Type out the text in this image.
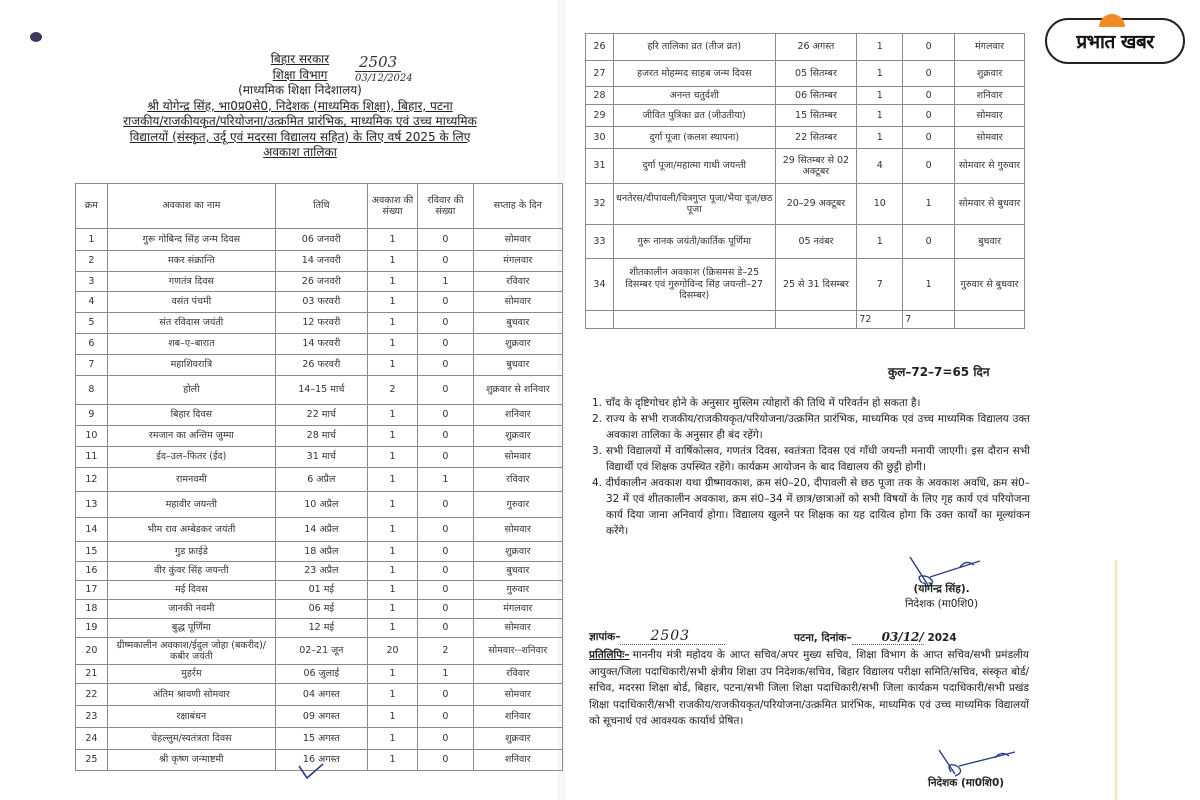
प्रभात खबर
बिहार सरकार
शिक्षा विभाग
(माध्यमिक शिक्षा निदेशालय)
श्री योगेन्द्र सिंह, भा0प्र0से0, निदेशक (माध्यमिक शिक्षा), बिहार, पटना
राजकीय/राजकीयकृत/परियोजना/उत्क्रमित प्रारंभिक, माध्यमिक एवं उच्च माध्यमिक
विद्यालयों (संस्कृत, उर्दू एवं मदरसा विद्यालय सहित) के लिए वर्ष 2025 के लिए
अवकाश तालिका
2503
03/12/2024
क्रम	अवकाश का नाम	तिथि	अवकाश की संख्या	रविवार की संख्या	सप्ताह के दिन
1	गुरू गोबिन्द सिंह जन्म दिवस	06 जनवरी	1	0	सोमवार
2	मकर संक्रान्ति	14 जनवरी	1	0	मंगलवार
3	गणतंत्र दिवस	26 जनवरी	1	1	रविवार
4	वसंत पंचमी	03 फरवरी	1	0	सोमवार
5	संत रविदास जयंती	12 फरवरी	1	0	बुधवार
6	शब–ए–बारात	14 फरवरी	1	0	शुक्रवार
7	महाशिवरात्रि	26 फरवरी	1	0	बुधवार
8	होली	14–15 मार्च	2	0	शुक्रवार से शनिवार
9	बिहार दिवस	22 मार्च	1	0	शनिवार
10	रमजान का अन्तिम जुम्मा	28 मार्च	1	0	शुक्रवार
11	ईद–उल–फितर (ईद)	31 मार्च	1	0	सोमवार
12	रामनवमी	6 अप्रैल	1	1	रविवार
13	महावीर जयन्ती	10 अप्रैल	1	0	गुरुवार
14	भीम राव अम्बेडकर जयंती	14 अप्रैल	1	0	सोमवार
15	गुड फ्राईडे	18 अप्रैल	1	0	शुक्रवार
16	वीर कुंवर सिंह जयन्ती	23 अप्रैल	1	0	बुधवार
17	मई दिवस	01 मई	1	0	गुरुवार
18	जानकी नवमी	06 मई	1	0	मंगलवार
19	बुद्ध पूर्णिमा	12 मई	1	0	सोमवार
20	ग्रीष्मकालीन अवकाश/ईदुल जोहा (बकरीद)/कबीर जयंती	02–21 जून	20	2	सोमवार--शनिवार
21	मुहर्रम	06 जुलाई	1	1	रविवार
22	अंतिम श्रावणी सोमवार	04 अगस्त	1	0	सोमवार
23	रक्षाबंधन	09 अगस्त	1	0	शनिवार
24	चेहल्लुम/स्वतंत्रता दिवस	15 अगस्त	1	0	शुक्रवार
25	श्री कृष्ण जन्माष्टमी	16 अगस्त	1	0	शनिवार
26	हरि तालिका व्रत (तीज व्रत)	26 अगस्त	1	0	मंगलवार
27	हजरत मोहम्मद साहब जन्म दिवस	05 सितम्बर	1	0	शुक्रवार
28	अनन्त चतुर्दशी	06 सितम्बर	1	0	शनिवार
29	जीवित पुत्रिका व्रत (जीउतीया)	15 सितम्बर	1	0	सोमवार
30	दुर्गा पूजा (कलश स्थापना)	22 सितम्बर	1	0	सोमवार
31	दुर्गा पूजा/महात्मा गाधी जयन्ती	29 सितम्बर से 02 अक्टूबर	4	0	सोमवार से गुरुवार
32	धनतेरस/दीपावली/चित्रगुप्त पूजा/भैया दूज/छठ पूजा	20–29 अक्टूबर	10	1	सोमवार से बुधवार
33	गुरू नानक जयंती/कार्तिक पूर्णिमा	05 नवंबर	1	0	बुधवार
34	शीतकालीन अवकाश (क्रिसमस डे–25 दिसम्बर एवं गुरुगोविन्द सिंह जयन्ती–27 दिसम्बर)	25 से 31 दिसम्बर	7	1	गुरुवार से बुधवार
			72	7	
कुल–72–7=65 दिन
1. चाँद के दृष्टिगोचर होने के अनुसार मुस्लिम त्योहारों की तिथि में परिवर्तन हो सकता है।
2. राज्य के सभी राजकीय/राजकीयकृत/परियोजना/उत्क्रमित प्रारंभिक, माध्यमिक एवं उच्च माध्यमिक विद्यालय उक्त अवकाश तालिका के अनुसार ही बंद रहेंगे।
3. सभी विद्यालयों में वार्षिकोत्सव, गणतंत्र दिवस, स्वतंत्रता दिवस एवं गाँधी जयन्ती मनायी जाएगी। इस दौरान सभी विद्यार्थी एवं शिक्षक उपस्थित रहेंगे। कार्यक्रम आयोजन के बाद विद्यालय की छुट्टी होगी।
4. दीर्घकालीन अवकाश यथा ग्रीष्मावकाश, क्रम सं0–20, दीपावली से छठ पूजा तक के अवकाश अवधि, क्रम सं0–32 में एवं शीतकालीन अवकाश, क्रम सं0–34 में छात्र/छात्राओं को सभी विषयों के लिए गृह कार्य एवं परियोजना कार्य दिया जाना अनिवार्य होगा। विद्यालय खुलने पर शिक्षक का यह दायित्व होगा कि उक्त कार्यों का मूल्यांकन करेंगे।
(योगेन्द्र सिंह).
निदेशक (मा0शि0)
ज्ञापांक– 2503	पटना, दिनांक–	03/12/ 2024
प्रतिलिपिः– माननीय मंत्री महोदय के आप्त सचिव/अपर मुख्य सचिव, शिक्षा विभाग के आप्त सचिव/सभी प्रमंडलीय आयुक्त/जिला पदाधिकारी/सभी क्षेत्रीय शिक्षा उप निदेशक/सचिव, बिहार विद्यालय परीक्षा समिति/सचिव, संस्कृत बोर्ड/सचिव, मदरसा शिक्षा बोर्ड, बिहार, पटना/सभी जिला शिक्षा पदाधिकारी/सभी जिला कार्यक्रम पदाधिकारी/सभी प्रखंड शिक्षा पदाधिकारी/सभी राजकीय/राजकीयकृत/परियोजना/उत्क्रमित प्रारंभिक, माध्यमिक एवं उच्च माध्यमिक विद्यालयों को सूचनार्थ एवं आवश्यक कार्यार्थ प्रेषित।
निदेशक (मा0शि0)
